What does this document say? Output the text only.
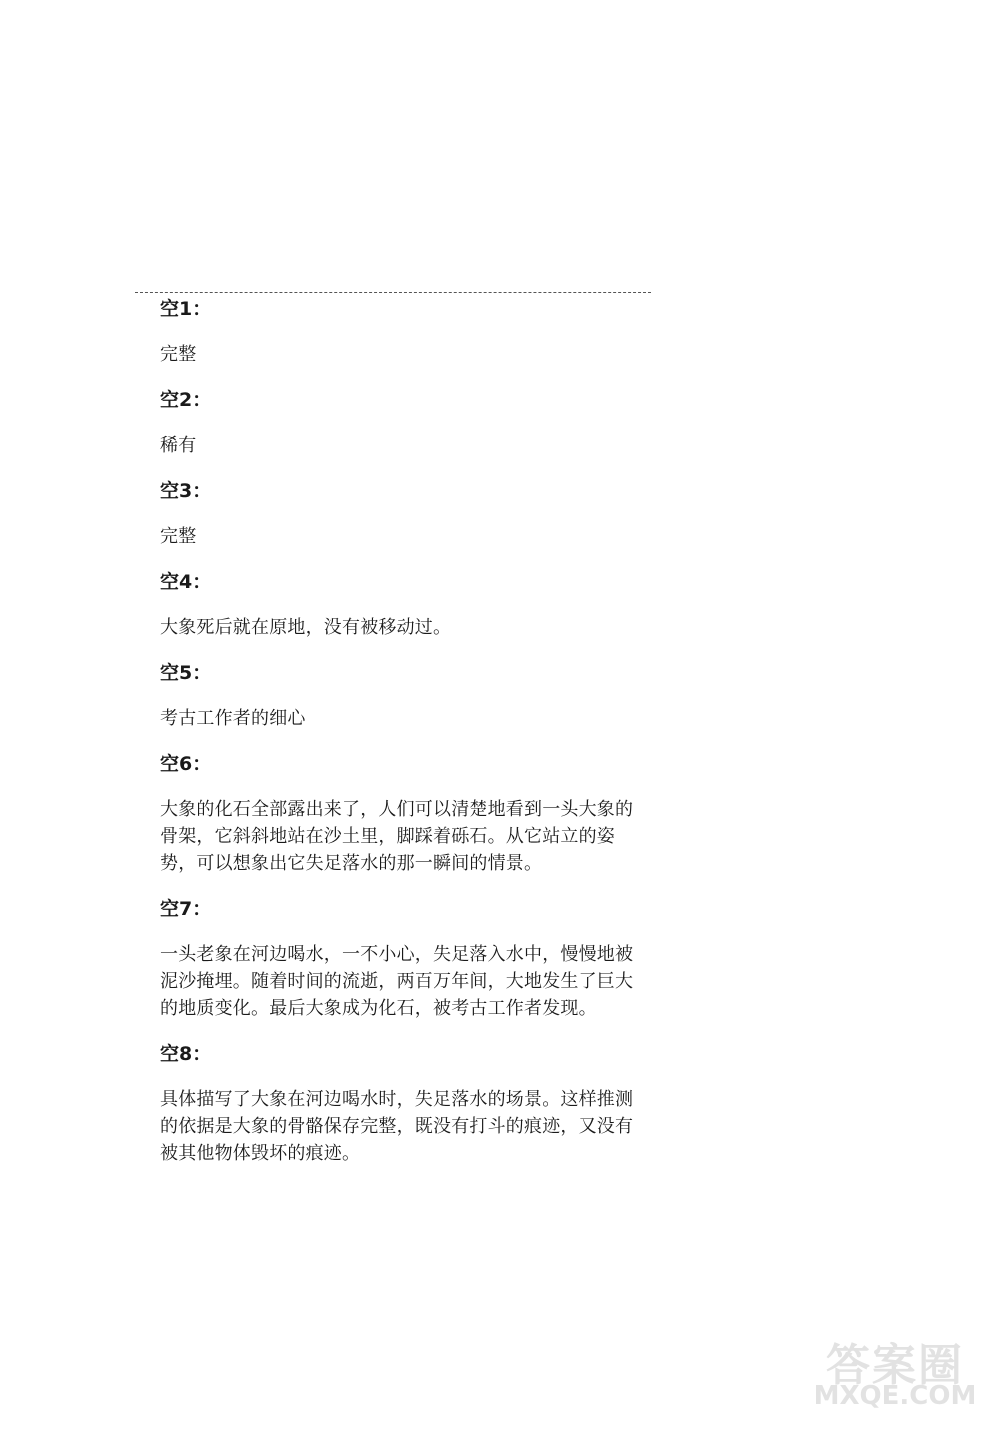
空1：
完整
空2：
稀有
空3：
完整
空4：
大象死后就在原地，没有被移动过。
空5：
考古工作者的细心
空6：
大象的化石全部露出来了，人们可以清楚地看到一头大象的骨架，它斜斜地站在沙土里，脚踩着砾石。从它站立的姿势，可以想象出它失足落水的那一瞬间的情景。
空7：
一头老象在河边喝水，一不小心，失足落入水中，慢慢地被泥沙掩埋。随着时间的流逝，两百万年间，大地发生了巨大的地质变化。最后大象成为化石，被考古工作者发现。
空8：
具体描写了大象在河边喝水时，失足落水的场景。这样推测的依据是大象的骨骼保存完整，既没有打斗的痕迹，又没有被其他物体毁坏的痕迹。
答案圈
MXQE.COM
